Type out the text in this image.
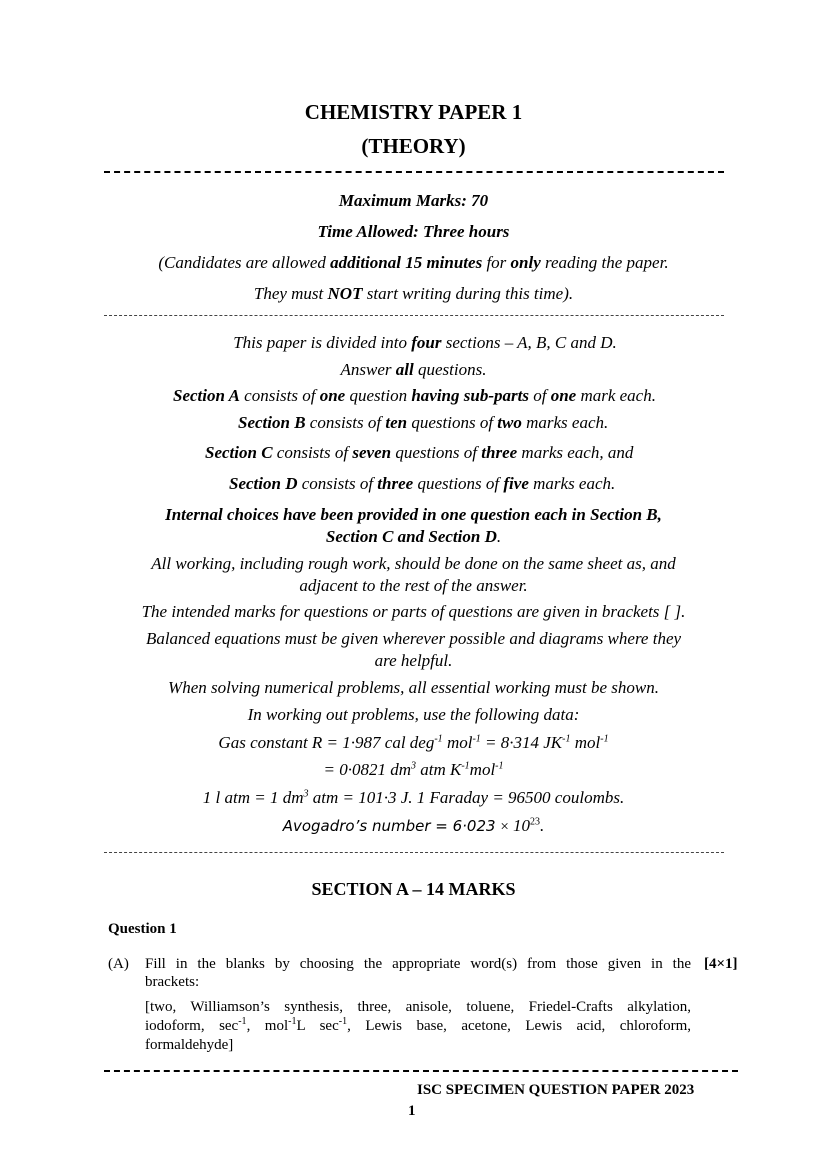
CHEMISTRY PAPER 1
(THEORY)
Maximum Marks: 70
Time Allowed: Three hours
(Candidates are allowed additional 15 minutes for only reading the paper.
They must NOT start writing during this time).
This paper is divided into four sections – A, B, C and D.
Answer all questions.
Section A consists of one question having sub-parts of one mark each.
Section B consists of ten questions of two marks each.
Section C consists of seven questions of three marks each, and
Section D consists of three questions of five marks each.
Internal choices have been provided in one question each in Section B,
Section C and Section D.
All working, including rough work, should be done on the same sheet as, and
adjacent to the rest of the answer.
The intended marks for questions or parts of questions are given in brackets [ ].
Balanced equations must be given wherever possible and diagrams where they
are helpful.
When solving numerical problems, all essential working must be shown.
In working out problems, use the following data:
Gas constant R = 1·987 cal deg$^{-1}$ mol$^{-1}$ = 8·314 $JK^{-1}$ mol$^{-1}$
= 0·0821 $dm^3$ atm $K^{-1}mol^{-1}$
1 l atm = 1 $dm^3$ atm = 101·3 J. 1 Faraday = 96500 coulombs.
Avogadro’s number = $6\cdot 023 \times 10^{23}$.
SECTION A – 14 MARKS
Question 1
(A) Fill in the blanks by choosing the appropriate word(s) from those given in the [4×1]
brackets:
[two, Williamson’s synthesis, three, anisole, toluene, Friedel-Crafts alkylation,
iodoform, $\sec^{-1}$, mol$^{-1}$L $\sec^{-1}$, Lewis base, acetone, Lewis acid, chloroform,
formaldehyde]
ISC SPECIMEN QUESTION PAPER 2023
1
